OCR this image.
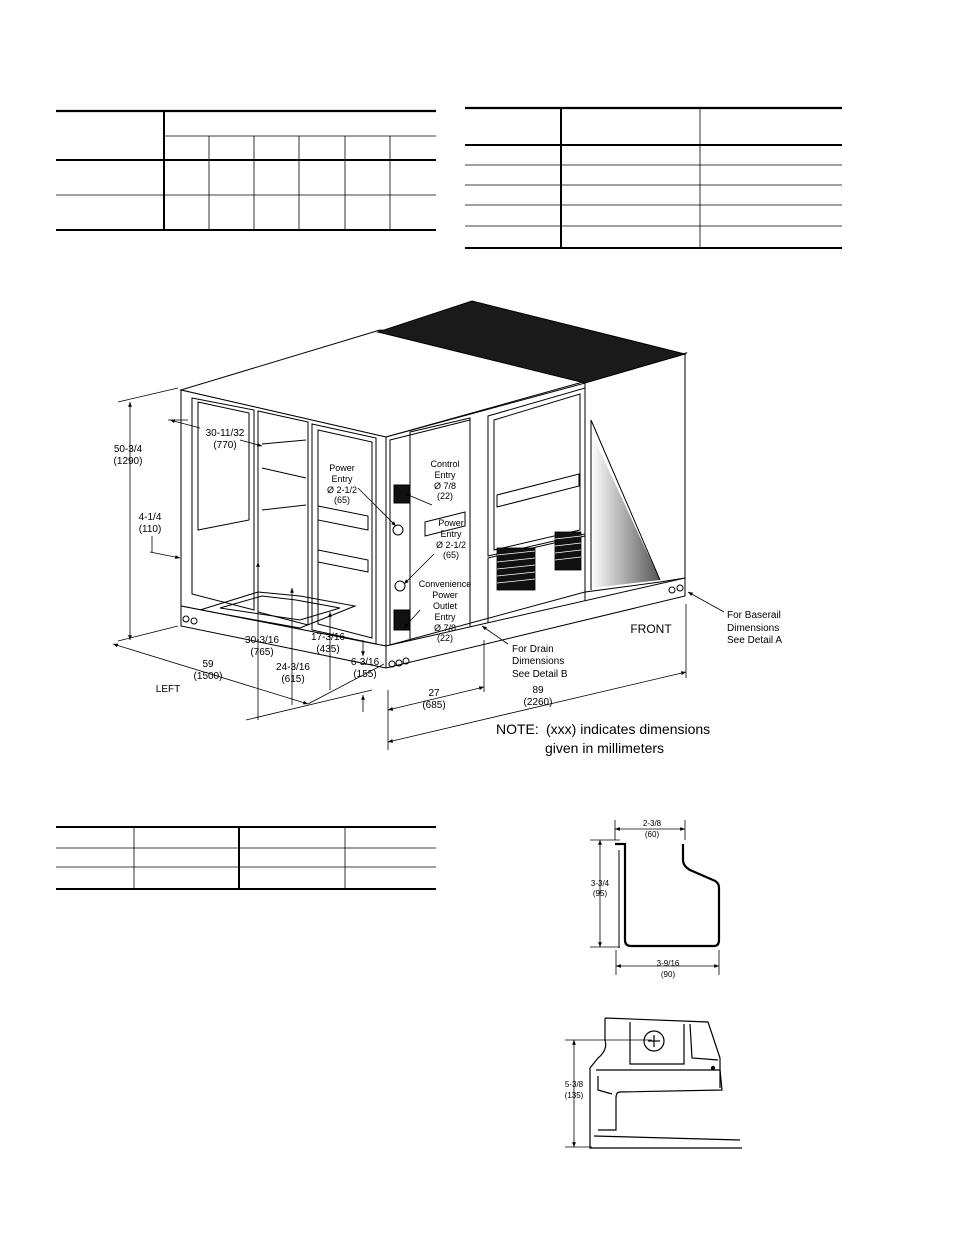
50-3/4
(1290)
30-11/32
(770)
4-1/4
(110)
59
(1500)
LEFT
30-3/16
(765)
24-3/16
(615)
17-3/16
(435)
6-3/16
(155)
27
(685)
89
(2260)
FRONT
Power
Entry
Ø 2-1/2
(65)
Control
Entry
Ø 7/8
(22)
Power
Entry
Ø 2-1/2
(65)
Convenience
Power
Outlet
Entry
Ø 7/8
(22)
For Drain
Dimensions
See Detail B
For Baserail
Dimensions
See Detail A
NOTE: (xxx) indicates dimensions
given in millimeters
2-3/8
(60)
3-3/4
(95)
3-9/16
(90)
5-3/8
(135)
